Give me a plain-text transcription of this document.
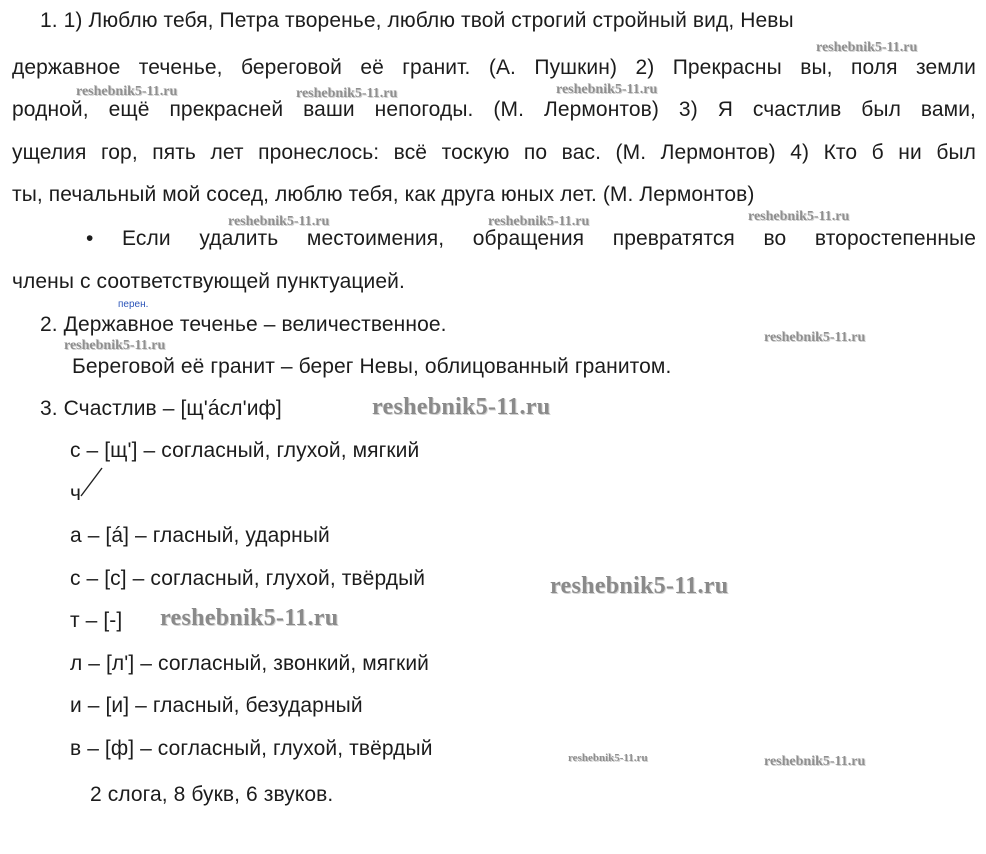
1. 1) Люблю тебя, Петра творенье, люблю твой строгий стройный вид, Невы
державное теченье, береговой её гранит. (А. Пушкин) 2) Прекрасны вы, поля земли
родной, ещё прекрасней ваши непогоды. (М. Лермонтов) 3) Я счастлив был вами,
ущелия гор, пять лет пронеслось: всё тоскую по вас. (М. Лермонтов) 4) Кто б ни был
ты, печальный мой сосед, люблю тебя, как друга юных лет. (М. Лермонтов)
• Если удалить местоимения, обращения превратятся во второстепенные
члены с соответствующей пунктуацией.
перен.
2. Державное теченье – величественное.
Береговой её гранит – берег Невы, облицованный гранитом.
3. Счастлив – [щ'áсл'иф]
с – [щ'] – согласный, глухой, мягкий
ч
а – [á] – гласный, ударный
с – [с] – согласный, глухой, твёрдый
т – [-]
л – [л'] – согласный, звонкий, мягкий
и – [и] – гласный, безударный
в – [ф] – согласный, глухой, твёрдый
2 слога, 8 букв, 6 звуков.
reshebnik5-11.ru
reshebnik5-11.ru	reshebnik5-11.ru	reshebnik5-11.ru
reshebnik5-11.ru	reshebnik5-11.ru	reshebnik5-11.ru
reshebnik5-11.ru
reshebnik5-11.ru
reshebnik5-11.ru	reshebnik5-11.ru
reshebnik5-11.ru
reshebnik5-11.ru
reshebnik5-11.ru
